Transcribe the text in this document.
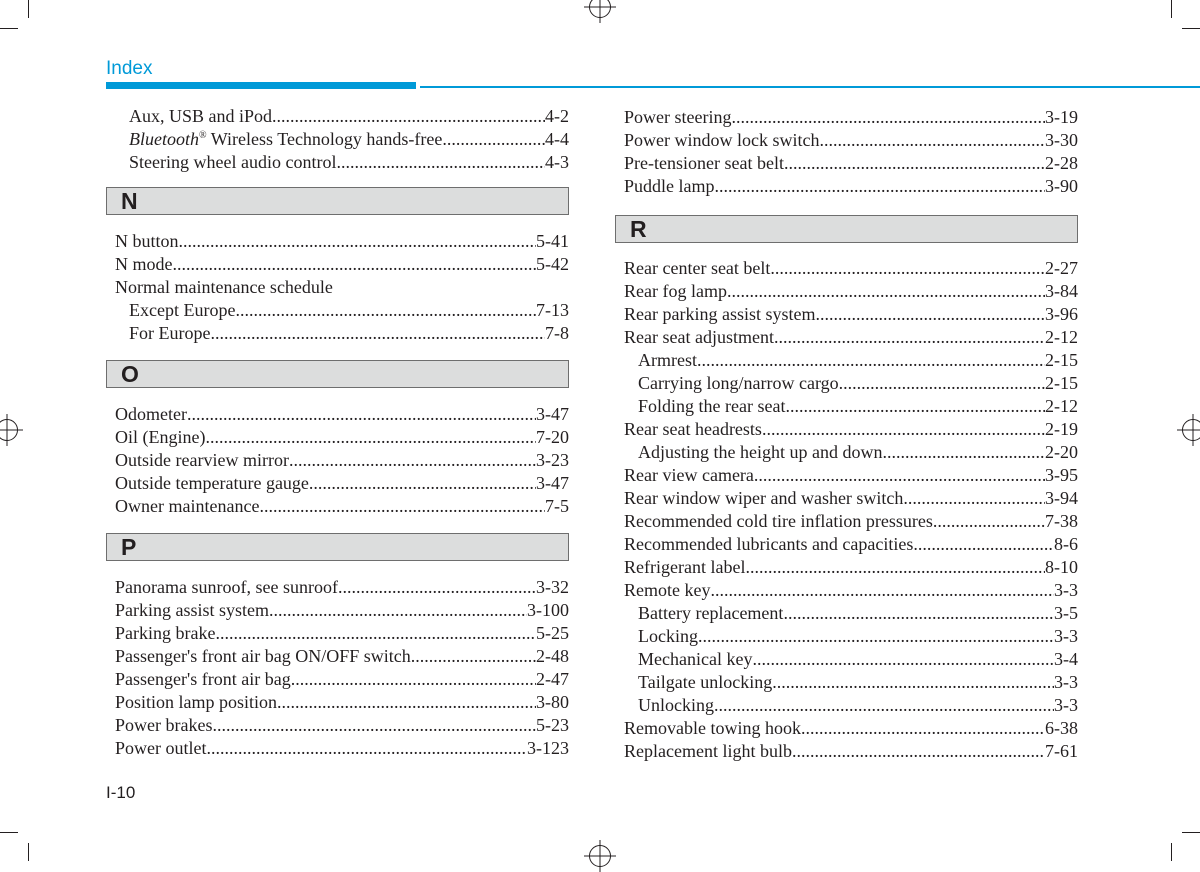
Index
Aux, USB and iPod .....	4-2
Bluetooth® Wireless Technology hands-free .....	4-4
Steering wheel audio control .....	4-3
N
N button .....	5-41
N mode .....	5-42
Normal maintenance schedule
Except Europe .....	7-13
For Europe .....	7-8
O
Odometer .....	3-47
Oil (Engine) .....	7-20
Outside rearview mirror .....	3-23
Outside temperature gauge .....	3-47
Owner maintenance .....	7-5
P
Panorama sunroof, see sunroof .....	3-32
Parking assist system .....	3-100
Parking brake .....	5-25
Passenger's front air bag ON/OFF switch .....	2-48
Passenger's front air bag .....	2-47
Position lamp position .....	3-80
Power brakes .....	5-23
Power outlet .....	3-123
Power steering .....	3-19
Power window lock switch .....	3-30
Pre-tensioner seat belt .....	2-28
Puddle lamp .....	3-90
R
Rear center seat belt .....	2-27
Rear fog lamp .....	3-84
Rear parking assist system .....	3-96
Rear seat adjustment .....	2-12
Armrest .....	2-15
Carrying long/narrow cargo .....	2-15
Folding the rear seat .....	2-12
Rear seat headrests .....	2-19
Adjusting the height up and down .....	2-20
Rear view camera .....	3-95
Rear window wiper and washer switch .....	3-94
Recommended cold tire inflation pressures .....	7-38
Recommended lubricants and capacities .....	8-6
Refrigerant label .....	8-10
Remote key .....	3-3
Battery replacement .....	3-5
Locking .....	3-3
Mechanical key .....	3-4
Tailgate unlocking .....	3-3
Unlocking .....	3-3
Removable towing hook .....	6-38
Replacement light bulb .....	7-61
I-10
